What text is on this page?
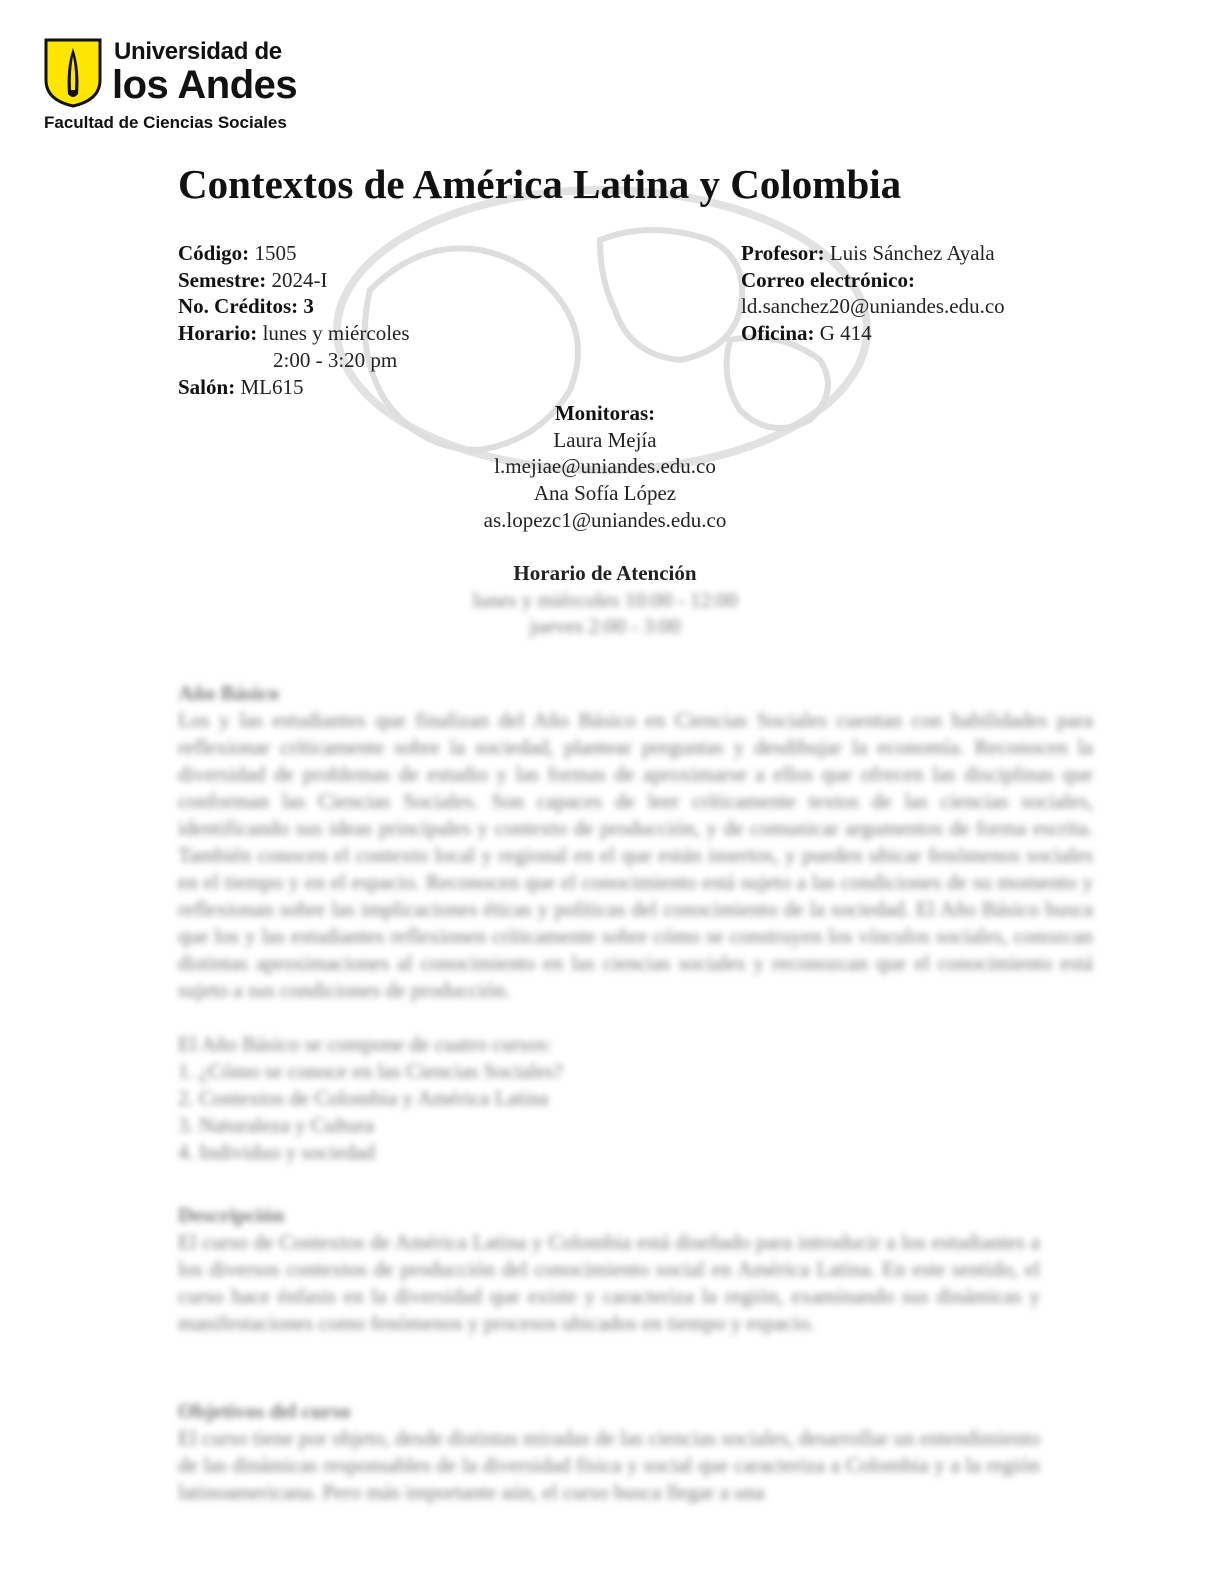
Universidad de
los Andes
Facultad de Ciencias Sociales
Contextos de América Latina y Colombia
Código: 1505
Semestre: 2024-I
No. Créditos: 3
Horario: lunes y miércoles
2:00 - 3:20 pm
Salón: ML615
Profesor: Luis Sánchez Ayala
Correo electrónico:
ld.sanchez20@uniandes.edu.co
Oficina: G 414
Monitoras:
Laura Mejía
l.mejiae@uniandes.edu.co
Ana Sofía López
as.lopezc1@uniandes.edu.co
Horario de Atención
lunes y miércoles 10:00 - 12:00
jueves 2:00 - 3:00
Año Básico

Los y las estudiantes que finalizan del Año Básico en Ciencias Sociales cuentan con habilidades para reflexionar críticamente sobre la sociedad, plantear preguntas y desdibujar la economía. Reconocen la diversidad de problemas de estudio y las formas de aproximarse a ellos que ofrecen las disciplinas que conforman las Ciencias Sociales. Son capaces de leer críticamente textos de las ciencias sociales, identificando sus ideas principales y contexto de producción, y de comunicar argumentos de forma escrita. También conocen el contexto local y regional en el que están insertos, y pueden ubicar fenómenos sociales en el tiempo y en el espacio. Reconocen que el conocimiento está sujeto a las condiciones de su momento y reflexionan sobre las implicaciones éticas y políticas del conocimiento de la sociedad. El Año Básico busca que los y las estudiantes reflexionen críticamente sobre cómo se construyen los vínculos sociales, conozcan distintas aproximaciones al conocimiento en las ciencias sociales y reconozcan que el conocimiento está sujeto a sus condiciones de producción.

El Año Básico se compone de cuatro cursos:

1. ¿Cómo se conoce en las Ciencias Sociales?
2. Contextos de Colombia y América Latina
3. Naturaleza y Cultura
4. Individuo y sociedad
Descripción

El curso de Contextos de América Latina y Colombia está diseñado para introducir a los estudiantes a los diversos contextos de producción del conocimiento social en América Latina. En este sentido, el curso hace énfasis en la diversidad que existe y caracteriza la región, examinando sus dinámicas y manifestaciones como fenómenos y procesos ubicados en tiempo y espacio.

Objetivos del curso

El curso tiene por objeto, desde distintas miradas de las ciencias sociales, desarrollar un entendimiento de las dinámicas responsables de la diversidad física y social que caracteriza a Colombia y a la región latinoamericana. Pero más importante aún, el curso busca llegar a una
